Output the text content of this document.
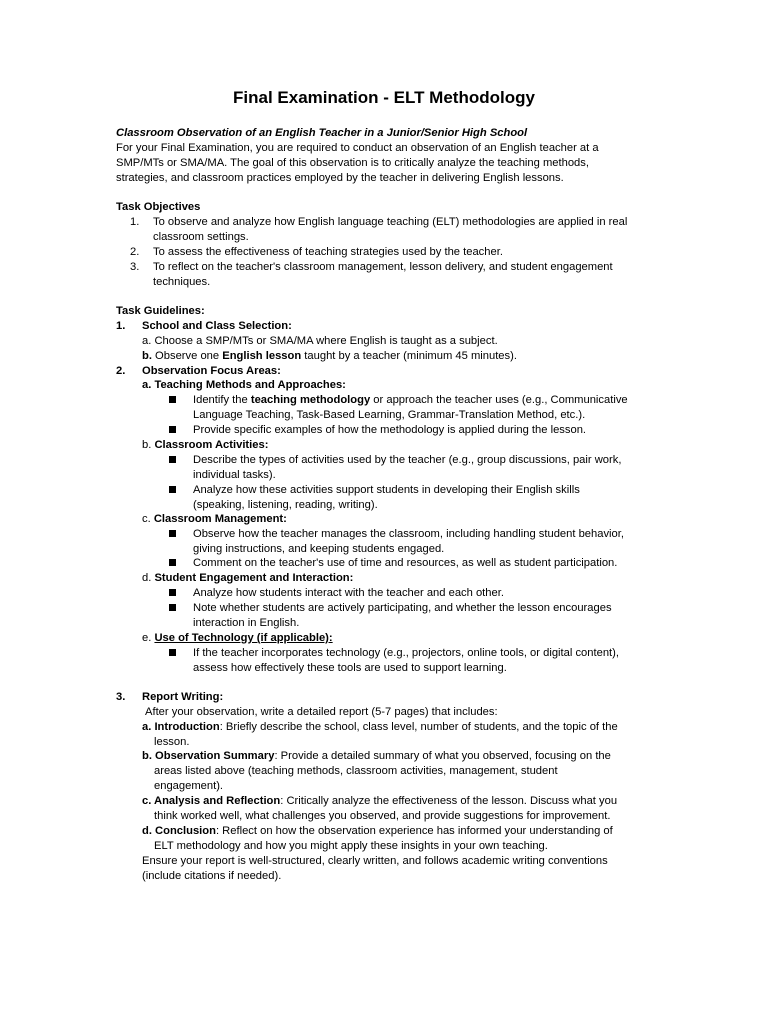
Final Examination - ELT Methodology
Classroom Observation of an English Teacher in a Junior/Senior High School
For your Final Examination, you are required to conduct an observation of an English teacher at a
SMP/MTs or SMA/MA. The goal of this observation is to critically analyze the teaching methods,
strategies, and classroom practices employed by the teacher in delivering English lessons.
Task Objectives
1. To observe and analyze how English language teaching (ELT) methodologies are applied in real
classroom settings.
2. To assess the effectiveness of teaching strategies used by the teacher.
3. To reflect on the teacher's classroom management, lesson delivery, and student engagement
techniques.
Task Guidelines:
1. School and Class Selection:
a. Choose a SMP/MTs or SMA/MA where English is taught as a subject.
b. Observe one English lesson taught by a teacher (minimum 45 minutes).
2. Observation Focus Areas:
a. Teaching Methods and Approaches:
Identify the teaching methodology or approach the teacher uses (e.g., Communicative
Language Teaching, Task-Based Learning, Grammar-Translation Method, etc.).
Provide specific examples of how the methodology is applied during the lesson.
b. Classroom Activities:
Describe the types of activities used by the teacher (e.g., group discussions, pair work,
individual tasks).
Analyze how these activities support students in developing their English skills
(speaking, listening, reading, writing).
c. Classroom Management:
Observe how the teacher manages the classroom, including handling student behavior,
giving instructions, and keeping students engaged.
Comment on the teacher's use of time and resources, as well as student participation.
d. Student Engagement and Interaction:
Analyze how students interact with the teacher and each other.
Note whether students are actively participating, and whether the lesson encourages
interaction in English.
e. Use of Technology (if applicable):
If the teacher incorporates technology (e.g., projectors, online tools, or digital content),
assess how effectively these tools are used to support learning.
3. Report Writing:
After your observation, write a detailed report (5-7 pages) that includes:
a. Introduction: Briefly describe the school, class level, number of students, and the topic of the
lesson.
b. Observation Summary: Provide a detailed summary of what you observed, focusing on the
areas listed above (teaching methods, classroom activities, management, student
engagement).
c. Analysis and Reflection: Critically analyze the effectiveness of the lesson. Discuss what you
think worked well, what challenges you observed, and provide suggestions for improvement.
d. Conclusion: Reflect on how the observation experience has informed your understanding of
ELT methodology and how you might apply these insights in your own teaching.
Ensure your report is well-structured, clearly written, and follows academic writing conventions
(include citations if needed).
